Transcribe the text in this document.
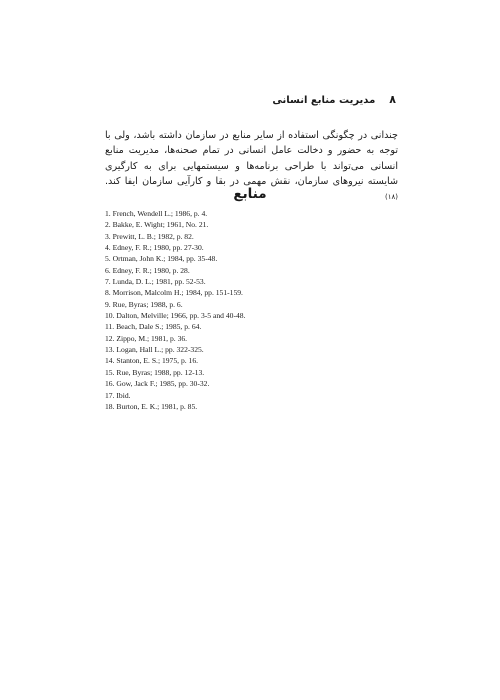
۸
مدیریت منابع انسانی

چندانی در چگونگی استفاده از سایر منابع در سازمان داشته باشد، ولی با توجه به حضور و دخالت عامل انسانی در تمام صحنه‌ها، مدیریت منابع انسانی می‌تواند با طراحی برنامه‌ها و سیستمهایی برای به کارگیری شایسته نیروهای سازمان، نقش مهمی در بقا و کارآیی سازمان ایفا کند.$^{(۱۸)}$

منابع
1. French, Wendell L.; 1986, p. 4.
2. Bakke, E. Wight; 1961, No. 21.
3. Prewitt, L. B.; 1982, p. 82.
4. Edney, F. R.; 1980, pp. 27-30.
5. Ortman, John K.; 1984, pp. 35-48.
6. Edney, F. R.; 1980, p. 28.
7. Lunda, D. L.; 1981, pp. 52-53.
8. Morrison, Malcolm H.; 1984, pp. 151-159.
9. Rue, Byras; 1988, p. 6.
10. Dalton, Melville; 1966, pp. 3-5 and 40-48.
11. Beach, Dale S.; 1985, p. 64.
12. Zippo, M.; 1981, p. 36.
13. Logan, Hall L.; pp. 322-325.
14. Stanton, E. S.; 1975, p. 16.
15. Rue, Byras; 1988, pp. 12-13.
16. Gow, Jack F.; 1985, pp. 30-32.
17. Ibid.
18. Burton, E. K.; 1981, p. 85.
